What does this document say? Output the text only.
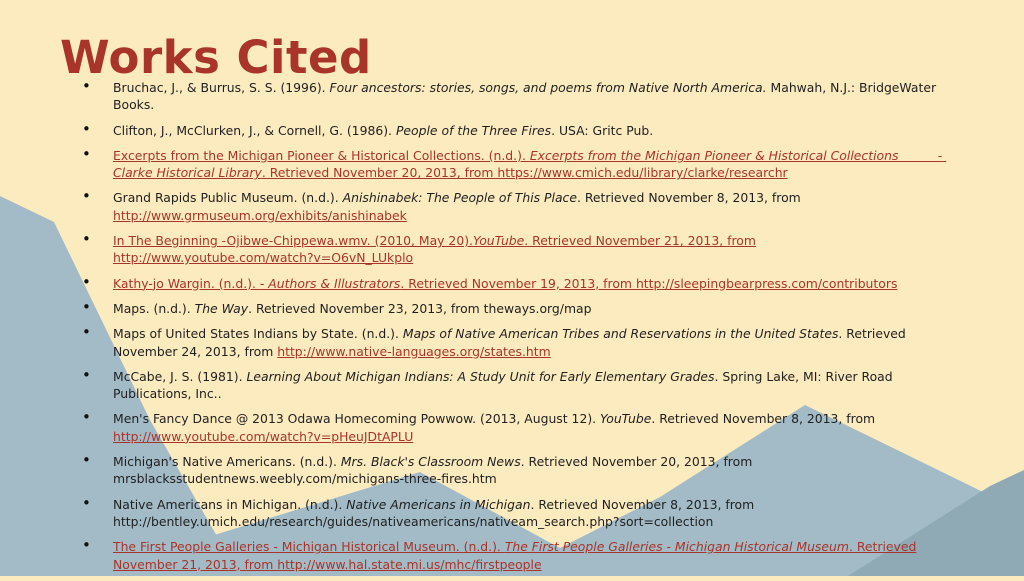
Works Cited
• Bruchac, J., & Burrus, S. S. (1996). Four ancestors: stories, songs, and poems from Native North America. Mahwah, N.J.: BridgeWater Books.
• Clifton, J., McClurken, J., & Cornell, G. (1986). People of the Three Fires. USA: Gritc Pub.
• Excerpts from the Michigan Pioneer & Historical Collections. (n.d.). Excerpts from the Michigan Pioneer & Historical Collections          - Clarke Historical Library. Retrieved November 20, 2013, from https://www.cmich.edu/library/clarke/researchr
• Grand Rapids Public Museum. (n.d.). Anishinabek: The People of This Place. Retrieved November 8, 2013, from http://www.grmuseum.org/exhibits/anishinabek
• In The Beginning -Ojibwe-Chippewa.wmv. (2010, May 20).YouTube. Retrieved November 21, 2013, from http://www.youtube.com/watch?v=O6vN_LUkplo
• Kathy-jo Wargin. (n.d.). - Authors & Illustrators. Retrieved November 19, 2013, from http://sleepingbearpress.com/contributors
• Maps. (n.d.). The Way. Retrieved November 23, 2013, from theways.org/map
• Maps of United States Indians by State. (n.d.). Maps of Native American Tribes and Reservations in the United States. Retrieved November 24, 2013, from http://www.native-languages.org/states.htm
• McCabe, J. S. (1981). Learning About Michigan Indians: A Study Unit for Early Elementary Grades. Spring Lake, MI: River Road Publications, Inc..
• Men's Fancy Dance @ 2013 Odawa Homecoming Powwow. (2013, August 12). YouTube. Retrieved November 8, 2013, from http://www.youtube.com/watch?v=pHeuJDtAPLU
• Michigan's Native Americans. (n.d.). Mrs. Black's Classroom News. Retrieved November 20, 2013, from mrsblacksstudentnews.weebly.com/michigans-three-fires.htm
• Native Americans in Michigan. (n.d.). Native Americans in Michigan. Retrieved November 8, 2013, from http://bentley.umich.edu/research/guides/nativeamericans/nativeam_search.php?sort=collection
• The First People Galleries - Michigan Historical Museum. (n.d.). The First People Galleries - Michigan Historical Museum. Retrieved November 21, 2013, from http://www.hal.state.mi.us/mhc/firstpeople
